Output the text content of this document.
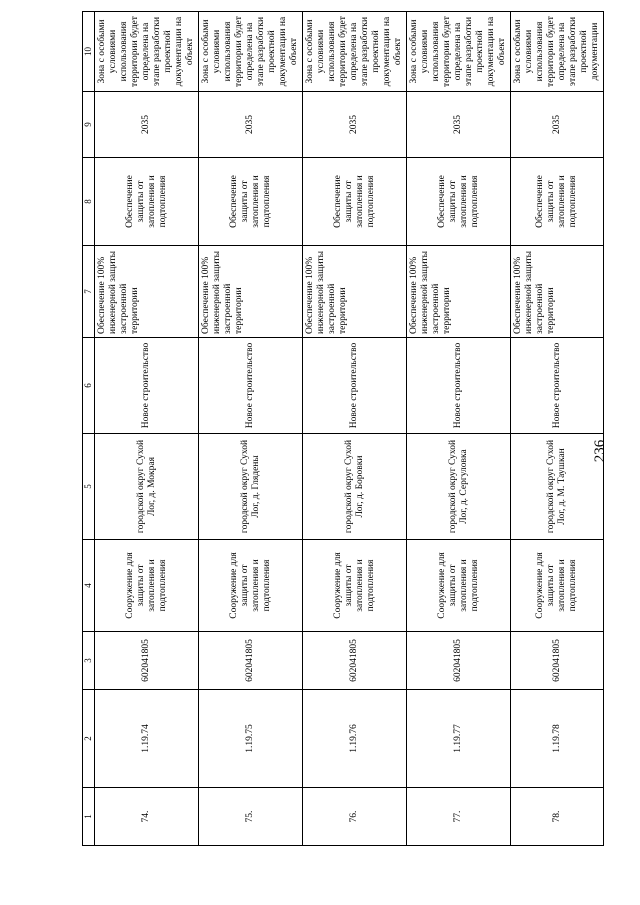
236
1	2	3	4	5	6	7	8	9	10
74.	1.19.74	602041805	Сооружение для защиты от затопления и подтопления	городской округ Сухой Лог, д. Мокрая	Новое строительство	Обеспечение 100% инженерной защиты застроенной территории	Обеспечение защиты от затопления и подтопления	2035	Зона с особыми условиями использования территории будет определена на этапе разработки проектной документации на объект
75.	1.19.75	602041805	Сооружение для защиты от затопления и подтопления	городской округ Сухой Лог, д. Глядены	Новое строительство	Обеспечение 100% инженерной защиты застроенной территории	Обеспечение защиты от затопления и подтопления	2035	Зона с особыми условиями использования территории будет определена на этапе разработки проектной документации на объект
76.	1.19.76	602041805	Сооружение для защиты от затопления и подтопления	городской округ Сухой Лог, д. Боровки	Новое строительство	Обеспечение 100% инженерной защиты застроенной территории	Обеспечение защиты от затопления и подтопления	2035	Зона с особыми условиями использования территории будет определена на этапе разработки проектной документации на объект
77.	1.19.77	602041805	Сооружение для защиты от затопления и подтопления	городской округ Сухой Лог, д. Сергуловка	Новое строительство	Обеспечение 100% инженерной защиты застроенной территории	Обеспечение защиты от затопления и подтопления	2035	Зона с особыми условиями использования территории будет определена на этапе разработки проектной документации на объект
78.	1.19.78	602041805	Сооружение для защиты от затопления и подтопления	городской округ Сухой Лог, д. М. Таушкан	Новое строительство	Обеспечение 100% инженерной защиты застроенной территории	Обеспечение защиты от затопления и подтопления	2035	Зона с особыми условиями использования территории будет определена на этапе разработки проектной документации
